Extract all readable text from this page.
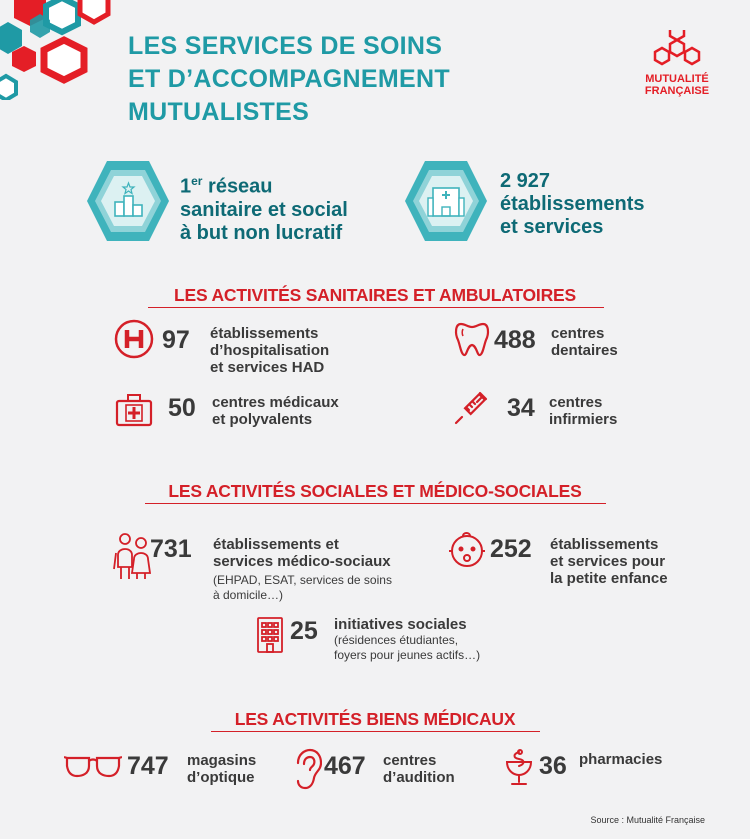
LES SERVICES DE SOINS
ET D’ACCOMPAGNEMENT
MUTUALISTES
MUTUALITÉ
FRANÇAISE
1er réseau
sanitaire et social
à but non lucratif
2 927
établissements
et services
LES ACTIVITÉS SANITAIRES ET AMBULATOIRES
97 établissements
d’hospitalisation
et services HAD
488 centres
dentaires
50 centres médicaux
et polyvalents	34 centres
infirmiers
LES ACTIVITÉS SOCIALES ET MÉDICO-SOCIALES
731 établissements et
services médico-sociaux
(EHPAD, ESAT, services de soins
à domicile…)
252 établissements
et services pour
la petite enfance
25 initiatives sociales
(résidences étudiantes,
foyers pour jeunes actifs…)
LES ACTIVITÉS BIENS MÉDICAUX
747 magasins
d’optique	467 centres
d’audition	36 pharmacies
Source : Mutualité Française
